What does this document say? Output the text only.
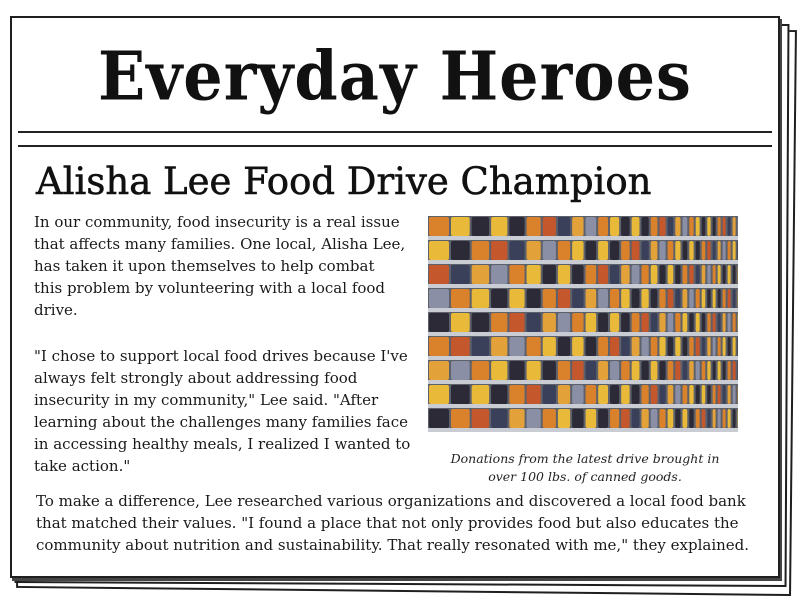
Everyday Heroes
Alisha Lee Food Drive Champion

In our community, food insecurity is a real issue that affects many families. One local, Alisha Lee, has taken it upon themselves to help combat this problem by volunteering with a local food drive.

"I chose to support local food drives because I've always felt strongly about addressing food insecurity in my community," Lee said. "After learning about the challenges many families face in accessing healthy meals, I realized I wanted to take action."	Donations from the latest drive brought in over 100 lbs. of canned goods.

To make a difference, Lee researched various organizations and discovered a local food bank that matched their values. "I found a place that not only provides food but also educates the community about nutrition and sustainability. That really resonated with me," they explained.
